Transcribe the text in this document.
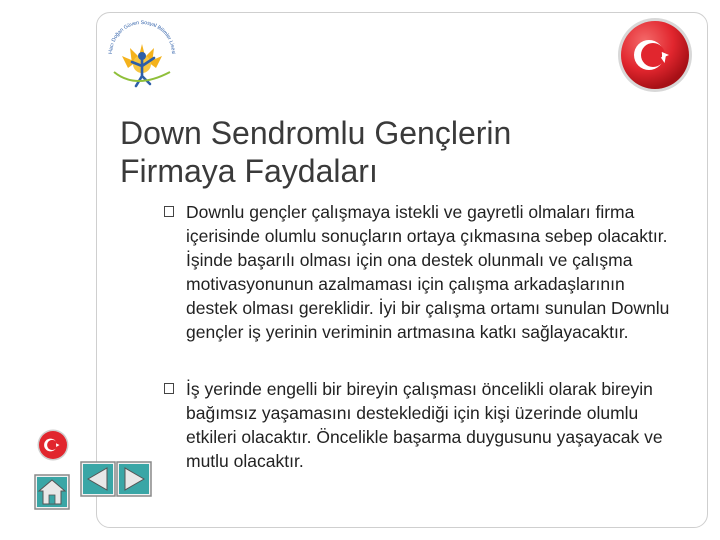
Hacı Doğan Güven Sosyal Bilimler Lisesi
Down Sendromlu Gençlerin
Firmaya Faydaları
Downlu gençler çalışmaya istekli ve gayretli olmaları firma içerisinde olumlu sonuçların ortaya çıkmasına sebep olacaktır. İşinde başarılı olması için ona destek olunmalı ve çalışma motivasyonunun azalmaması için çalışma arkadaşlarının destek olması gereklidir. İyi bir çalışma ortamı sunulan Downlu gençler iş yerinin veriminin artmasına katkı sağlayacaktır.
İş yerinde engelli bir bireyin çalışması öncelikli olarak bireyin bağımsız yaşamasını desteklediği için kişi üzerinde olumlu etkileri olacaktır. Öncelikle başarma duygusunu yaşayacak ve mutlu olacaktır.
